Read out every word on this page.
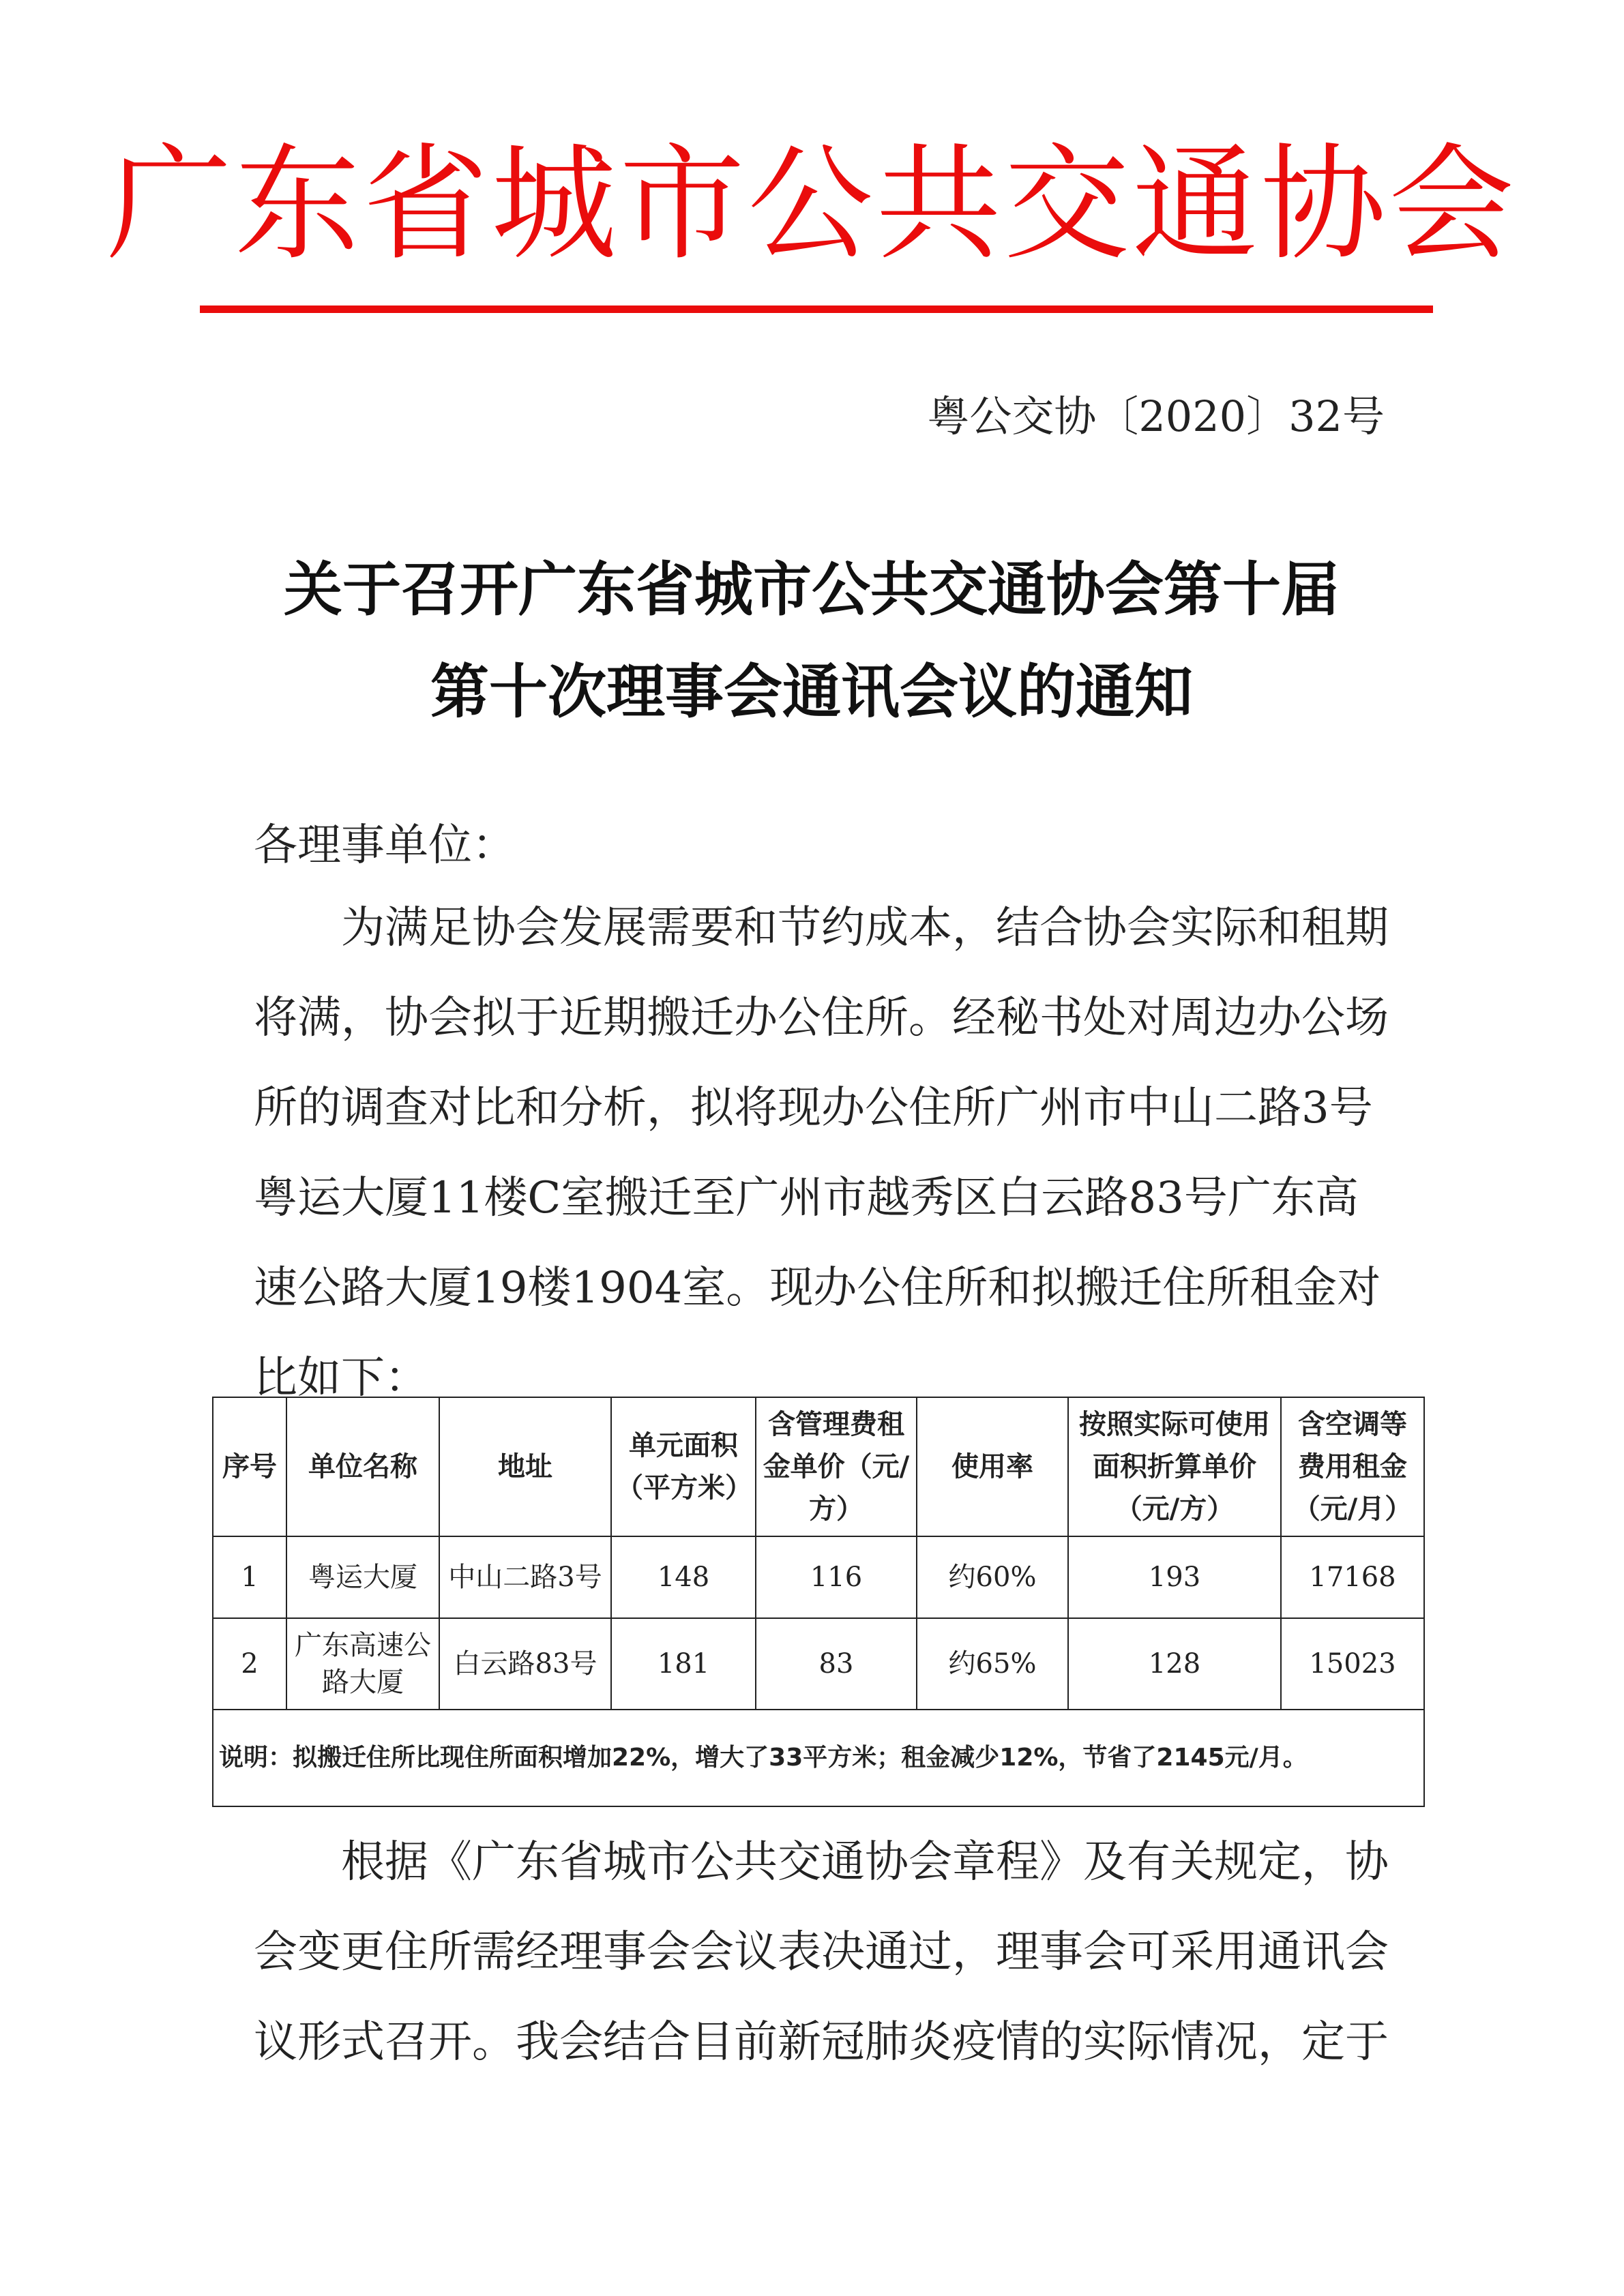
广东省城市公共交通协会
粤公交协〔2020〕32号
关于召开广东省城市公共交通协会第十届
第十次理事会通讯会议的通知
各理事单位：
为满足协会发展需要和节约成本，结合协会实际和租期
将满，协会拟于近期搬迁办公住所。经秘书处对周边办公场
所的调查对比和分析，拟将现办公住所广州市中山二路3号
粤运大厦11楼C室搬迁至广州市越秀区白云路83号广东高
速公路大厦19楼1904室。现办公住所和拟搬迁住所租金对
比如下：
序号	单位名称	地址	单元面积（平方米）	含管理费租金单价（元/方）	使用率	按照实际可使用面积折算单价（元/方）	含空调等费用租金（元/月）
1	粤运大厦	中山二路3号	148	116	约60%	193	17168
2	广东高速公路大厦	白云路83号	181	83	约65%	128	15023
说明：拟搬迁住所比现住所面积增加22%，增大了33平方米；租金减少12%，节省了2145元/月。							
根据《广东省城市公共交通协会章程》及有关规定，协
会变更住所需经理事会会议表决通过，理事会可采用通讯会
议形式召开。我会结合目前新冠肺炎疫情的实际情况，定于
